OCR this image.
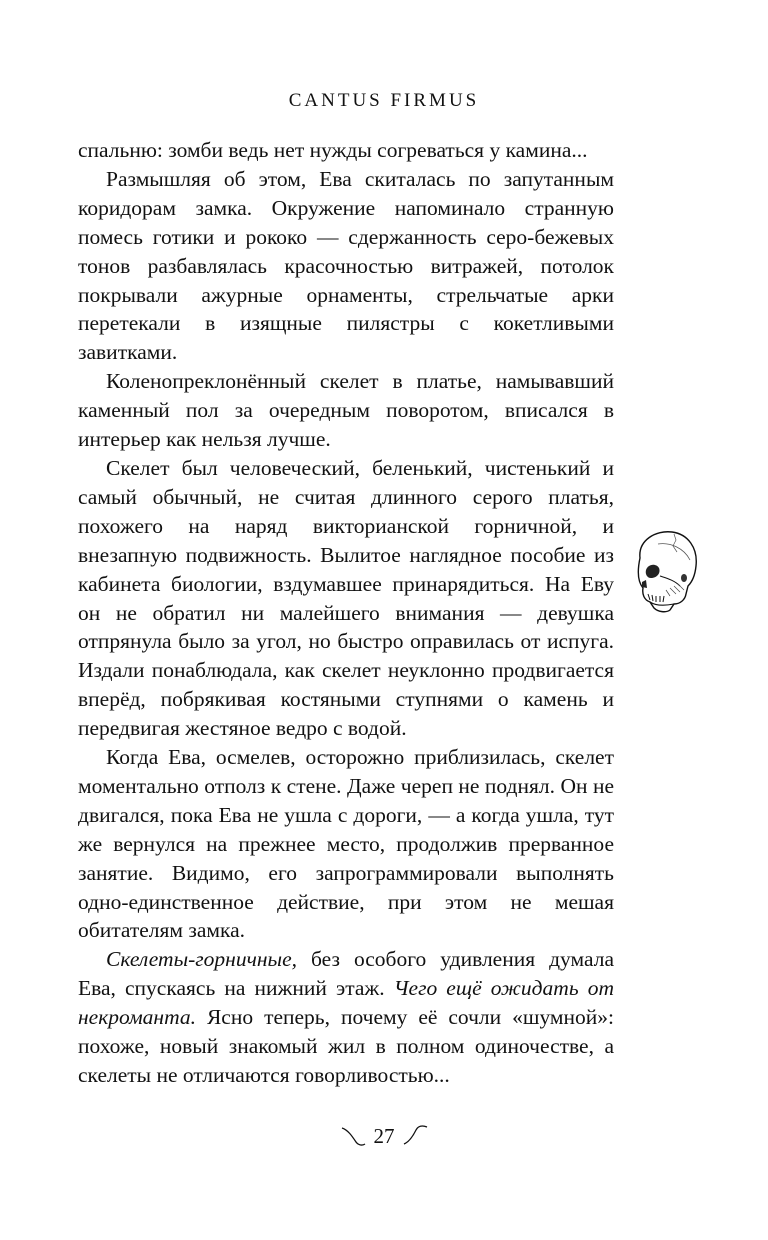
CANTUS FIRMUS

спальню: зомби ведь нет нужды согреваться у камина...

Размышляя об этом, Ева скиталась по запутанным коридорам замка. Окружение напоминало странную помесь готики и рококо — сдержанность серо-бежевых тонов разбавлялась красочностью витражей, потолок покрывали ажурные орнаменты, стрельчатые арки перетекали в изящные пилястры с кокетливыми завитками.

Коленопреклонённый скелет в платье, намывавший каменный пол за очередным поворотом, вписался в интерьер как нельзя лучше.

Скелет был человеческий, беленький, чистенький и самый обычный, не считая длинного серого платья, похожего на наряд викторианской горничной, и внезапную подвижность. Вылитое наглядное пособие из кабинета биологии, вздумавшее принарядиться. На Еву он не обратил ни малейшего внимания — девушка отпрянула было за угол, но быстро оправилась от испуга. Издали понаблюдала, как скелет неуклонно продвигается вперёд, побрякивая костяными ступнями о камень и передвигая жестяное ведро с водой.

Когда Ева, осмелев, осторожно приблизилась, скелет моментально отполз к стене. Даже череп не поднял. Он не двигался, пока Ева не ушла с дороги, — а когда ушла, тут же вернулся на прежнее место, продолжив прерванное занятие. Видимо, его запрограммировали выполнять одно-единственное действие, при этом не мешая обитателям замка.

Скелеты-горничные, без особого удивления думала Ева, спускаясь на нижний этаж. Чего ещё ожидать от некроманта. Ясно теперь, почему её сочли «шумной»: похоже, новый знакомый жил в полном одиночестве, а скелеты не отличаются говорливостью...

27
